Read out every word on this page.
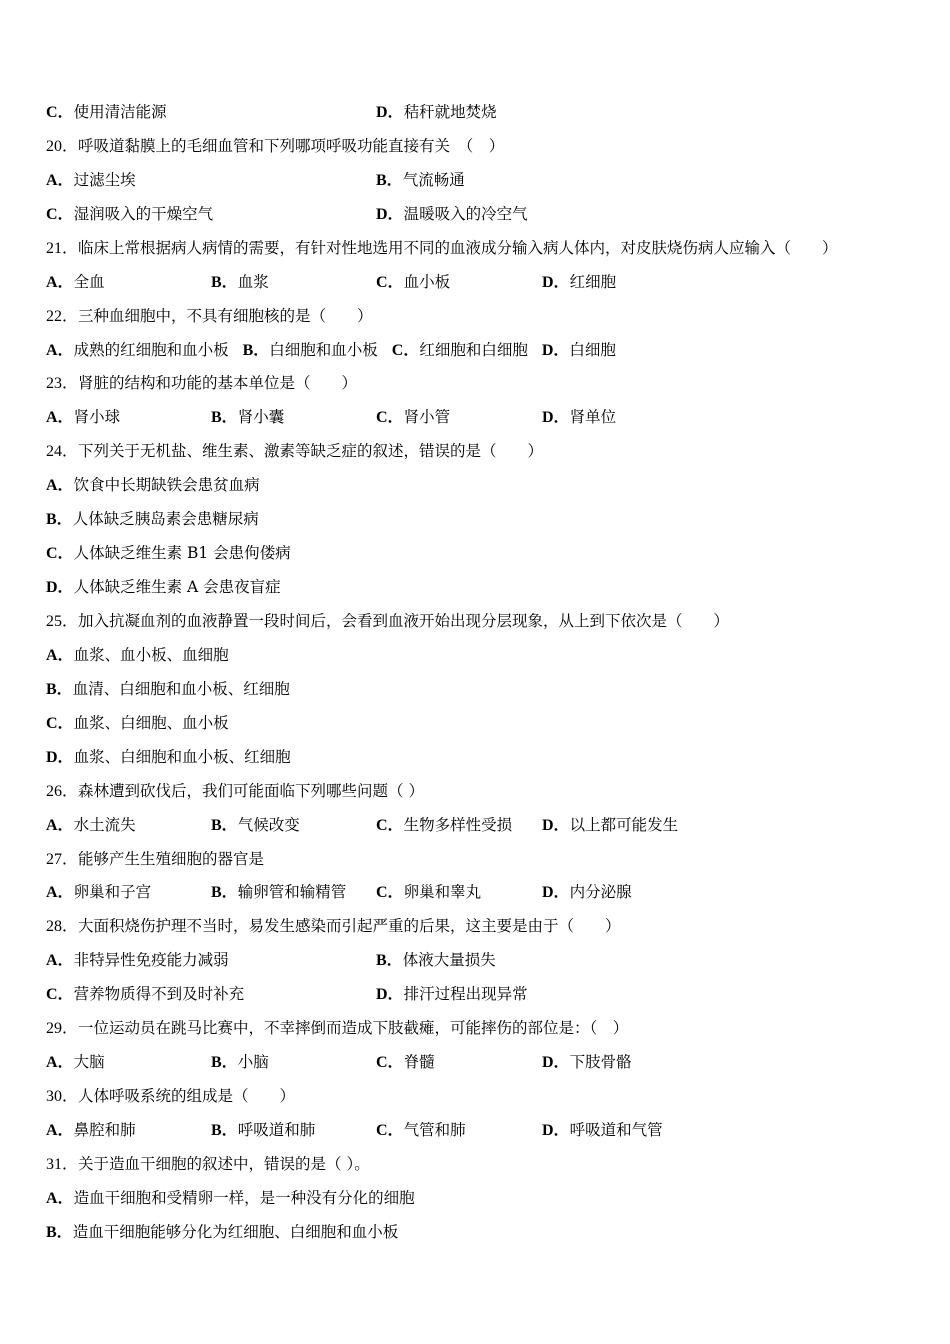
C．使用清洁能源	D．秸秆就地焚烧
20．呼吸道黏膜上的毛细血管和下列哪项呼吸功能直接有关　（　）
A．过滤尘埃	B．气流畅通
C．湿润吸入的干燥空气	D．温暖吸入的冷空气
21．临床上常根据病人病情的需要，有针对性地选用不同的血液成分输入病人体内，对皮肤烧伤病人应输入（　　）
A．全血	B．血浆	C．血小板	D．红细胞
22．三种血细胞中，不具有细胞核的是（　　）
A．成熟的红细胞和血小板 B．白细胞和血小板 C．红细胞和白细胞 D．白细胞
23．肾脏的结构和功能的基本单位是（　　）
A．肾小球	B．肾小囊	C．肾小管	D．肾单位
24．下列关于无机盐、维生素、激素等缺乏症的叙述，错误的是（　　）
A．饮食中长期缺铁会患贫血病
B．人体缺乏胰岛素会患糖尿病
C．人体缺乏维生素 B1 会患佝偻病
D．人体缺乏维生素 A 会患夜盲症
25．加入抗凝血剂的血液静置一段时间后，会看到血液开始出现分层现象，从上到下依次是（　　）
A．血浆、血小板、血细胞
B．血清、白细胞和血小板、红细胞
C．血浆、白细胞、血小板
D．血浆、白细胞和血小板、红细胞
26．森林遭到砍伐后，我们可能面临下列哪些问题（ ）
A．水土流失	B．气候改变	C．生物多样性受损 D．以上都可能发生
27．能够产生生殖细胞的器官是
A．卵巢和子宫	B．输卵管和输精管 C．卵巢和睾丸	D．内分泌腺
28．大面积烧伤护理不当时，易发生感染而引起严重的后果，这主要是由于（　　）
A．非特异性免疫能力减弱	B．体液大量损失
C．营养物质得不到及时补充	D．排汗过程出现异常
29．一位运动员在跳马比赛中，不幸摔倒而造成下肢截瘫，可能摔伤的部位是：（　）
A．大脑	B．小脑	C．脊髓	D．下肢骨骼
30．人体呼吸系统的组成是（　　）
A．鼻腔和肺	B．呼吸道和肺	C．气管和肺	D．呼吸道和气管
31．关于造血干细胞的叙述中，错误的是（ ）。
A．造血干细胞和受精卵一样，是一种没有分化的细胞
B．造血干细胞能够分化为红细胞、白细胞和血小板
